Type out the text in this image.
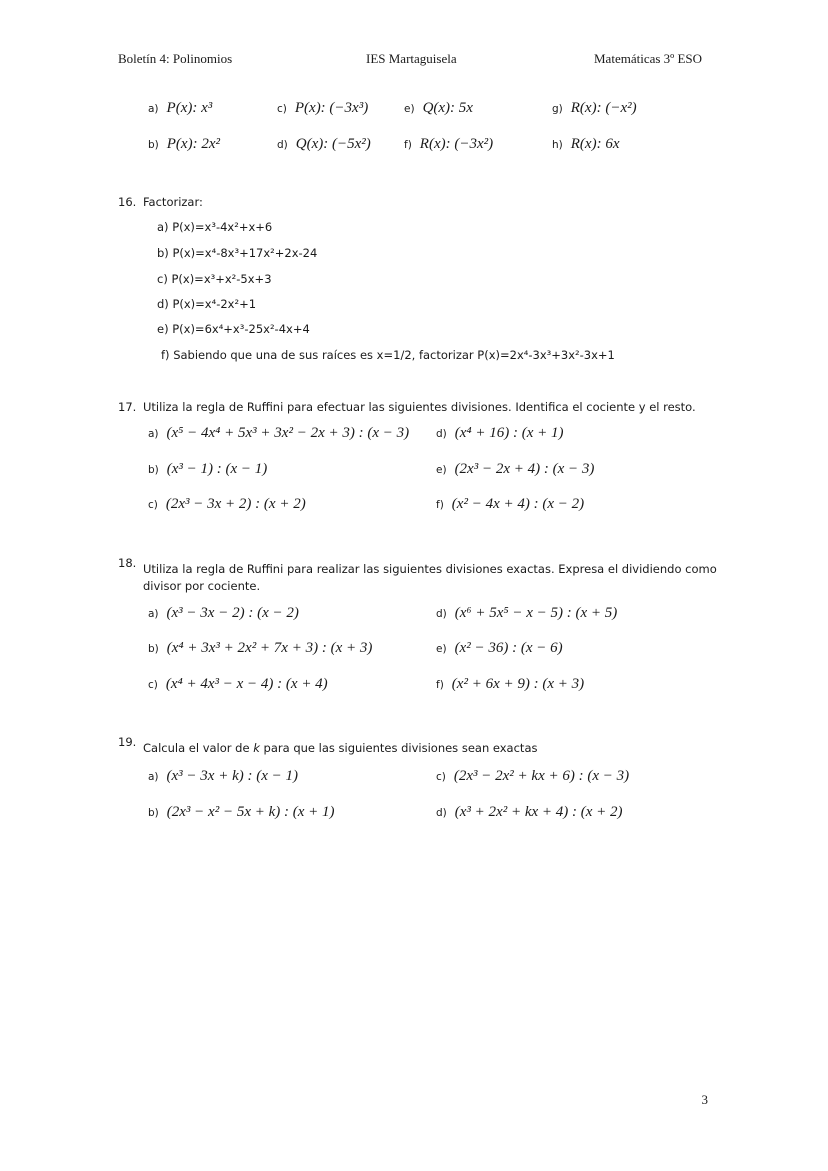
Boletín 4: Polinomios	IES Martaguisela	Matemáticas 3º ESO
a) P(x): x³	c) P(x): (−3x³)	e) Q(x): 5x	g) R(x): (−x²)
b) P(x): 2x²	d) Q(x): (−5x²)	f) R(x): (−3x²)	h) R(x): 6x
16. Factorizar:
a) P(x)=x³-4x²+x+6
b) P(x)=x⁴-8x³+17x²+2x-24
c) P(x)=x³+x²-5x+3
d) P(x)=x⁴-2x²+1
e) P(x)=6x⁴+x³-25x²-4x+4
f) Sabiendo que una de sus raíces es x=1/2, factorizar P(x)=2x⁴-3x³+3x²-3x+1
17. Utiliza la regla de Ruffini para efectuar las siguientes divisiones. Identifica el cociente y el resto.
a) (x⁵ − 4x⁴ + 5x³ + 3x² − 2x + 3) : (x − 3)	d) (x⁴ + 16) : (x + 1)
b) (x³ − 1) : (x − 1)	e) (2x³ − 2x + 4) : (x − 3)
c) (2x³ − 3x + 2) : (x + 2)	f) (x² − 4x + 4) : (x − 2)
18. Utiliza la regla de Ruffini para realizar las siguientes divisiones exactas. Expresa el dividiendo como
divisor por cociente.
a) (x³ − 3x − 2) : (x − 2)	d) (x⁶ + 5x⁵ − x − 5) : (x + 5)
b) (x⁴ + 3x³ + 2x² + 7x + 3) : (x + 3)	e) (x² − 36) : (x − 6)
c) (x⁴ + 4x³ − x − 4) : (x + 4)	f) (x² + 6x + 9) : (x + 3)
19. Calcula el valor de k para que las siguientes divisiones sean exactas
a) (x³ − 3x + k) : (x − 1)	c) (2x³ − 2x² + kx + 6) : (x − 3)
b) (2x³ − x² − 5x + k) : (x + 1)	d) (x³ + 2x² + kx + 4) : (x + 2)
3
